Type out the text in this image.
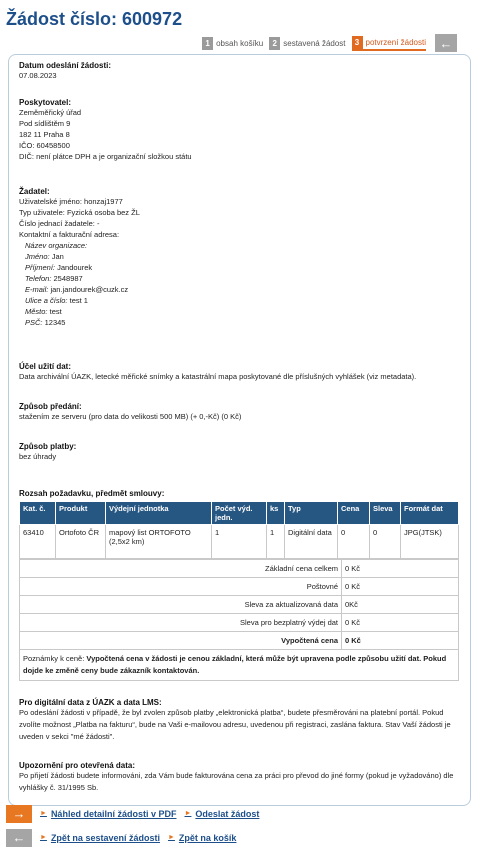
Žádost číslo: 600972
1 obsah košíku	2 sestavená žádost	3 potvrzení žádosti ←
Datum odeslání žádosti:
07.08.2023
Poskytovatel:
Zeměměřický úřad
Pod sídlištěm 9
182 11 Praha 8
IČO: 60458500
DIČ: není plátce DPH a je organizační složkou státu
Žadatel:
Uživatelské jméno: honzaj1977
Typ uživatele: Fyzická osoba bez ŽL
Číslo jednací žadatele: -
Kontaktní a fakturační adresa:
Název organizace:
Jméno: Jan
Příjmení: Jandourek
Telefon: 2548987
E-mail: jan.jandourek@cuzk.cz
Ulice a číslo: test 1
Město: test
PSČ: 12345
Účel užití dat:
Data archivální ÚAZK, letecké měřické snímky a katastrální mapa poskytované dle příslušných vyhlášek (viz metadata).
Způsob předání:
stažením ze serveru (pro data do velikosti 500 MB) (+ 0,-Kč) (0 Kč)
Způsob platby:
bez úhrady
Rozsah požadavku, předmět smlouvy:
Kat. č.	Produkt	Výdejní jednotka	Počet výd. jedn.	ks	Typ	Cena	Sleva	Formát dat
63410	Ortofoto ČR	mapový list ORTOFOTO (2,5x2 km)	1	1	Digitální data	0	0	JPG(JTSK)
Základní cena celkem	0 Kč
Poštovné	0 Kč
Sleva za aktualizovaná data	0Kč
Sleva pro bezplatný výdej dat	0 Kč
Vypočtená cena	0 Kč
Poznámky k ceně: Vypočtená cena v žádosti je cenou základní, která může být upravena podle způsobu užití dat. Pokud dojde ke změně ceny bude zákazník kontaktován.
Pro digitální data z ÚAZK a data LMS:
Po odeslání žádosti v případě, že byl zvolen způsob platby „elektronická platba“, budete přesměrováni na platební portál. Pokud zvolíte možnost „Platba na fakturu“, bude na Vaši e-mailovou adresu, uvedenou při registraci, zaslána faktura. Stav Vaší žádosti je uveden v sekci "mé žádosti".
Upozornění pro otevřená data:
Po přijetí žádosti budete informováni, zda Vám bude fakturována cena za práci pro převod do jiné formy (pokud je vyžadováno) dle vyhlášky č. 31/1995 Sb.
→ ► Náhled detailní žádosti v PDF ► Odeslat žádost
← ► Zpět na sestavení žádosti ► Zpět na košík
